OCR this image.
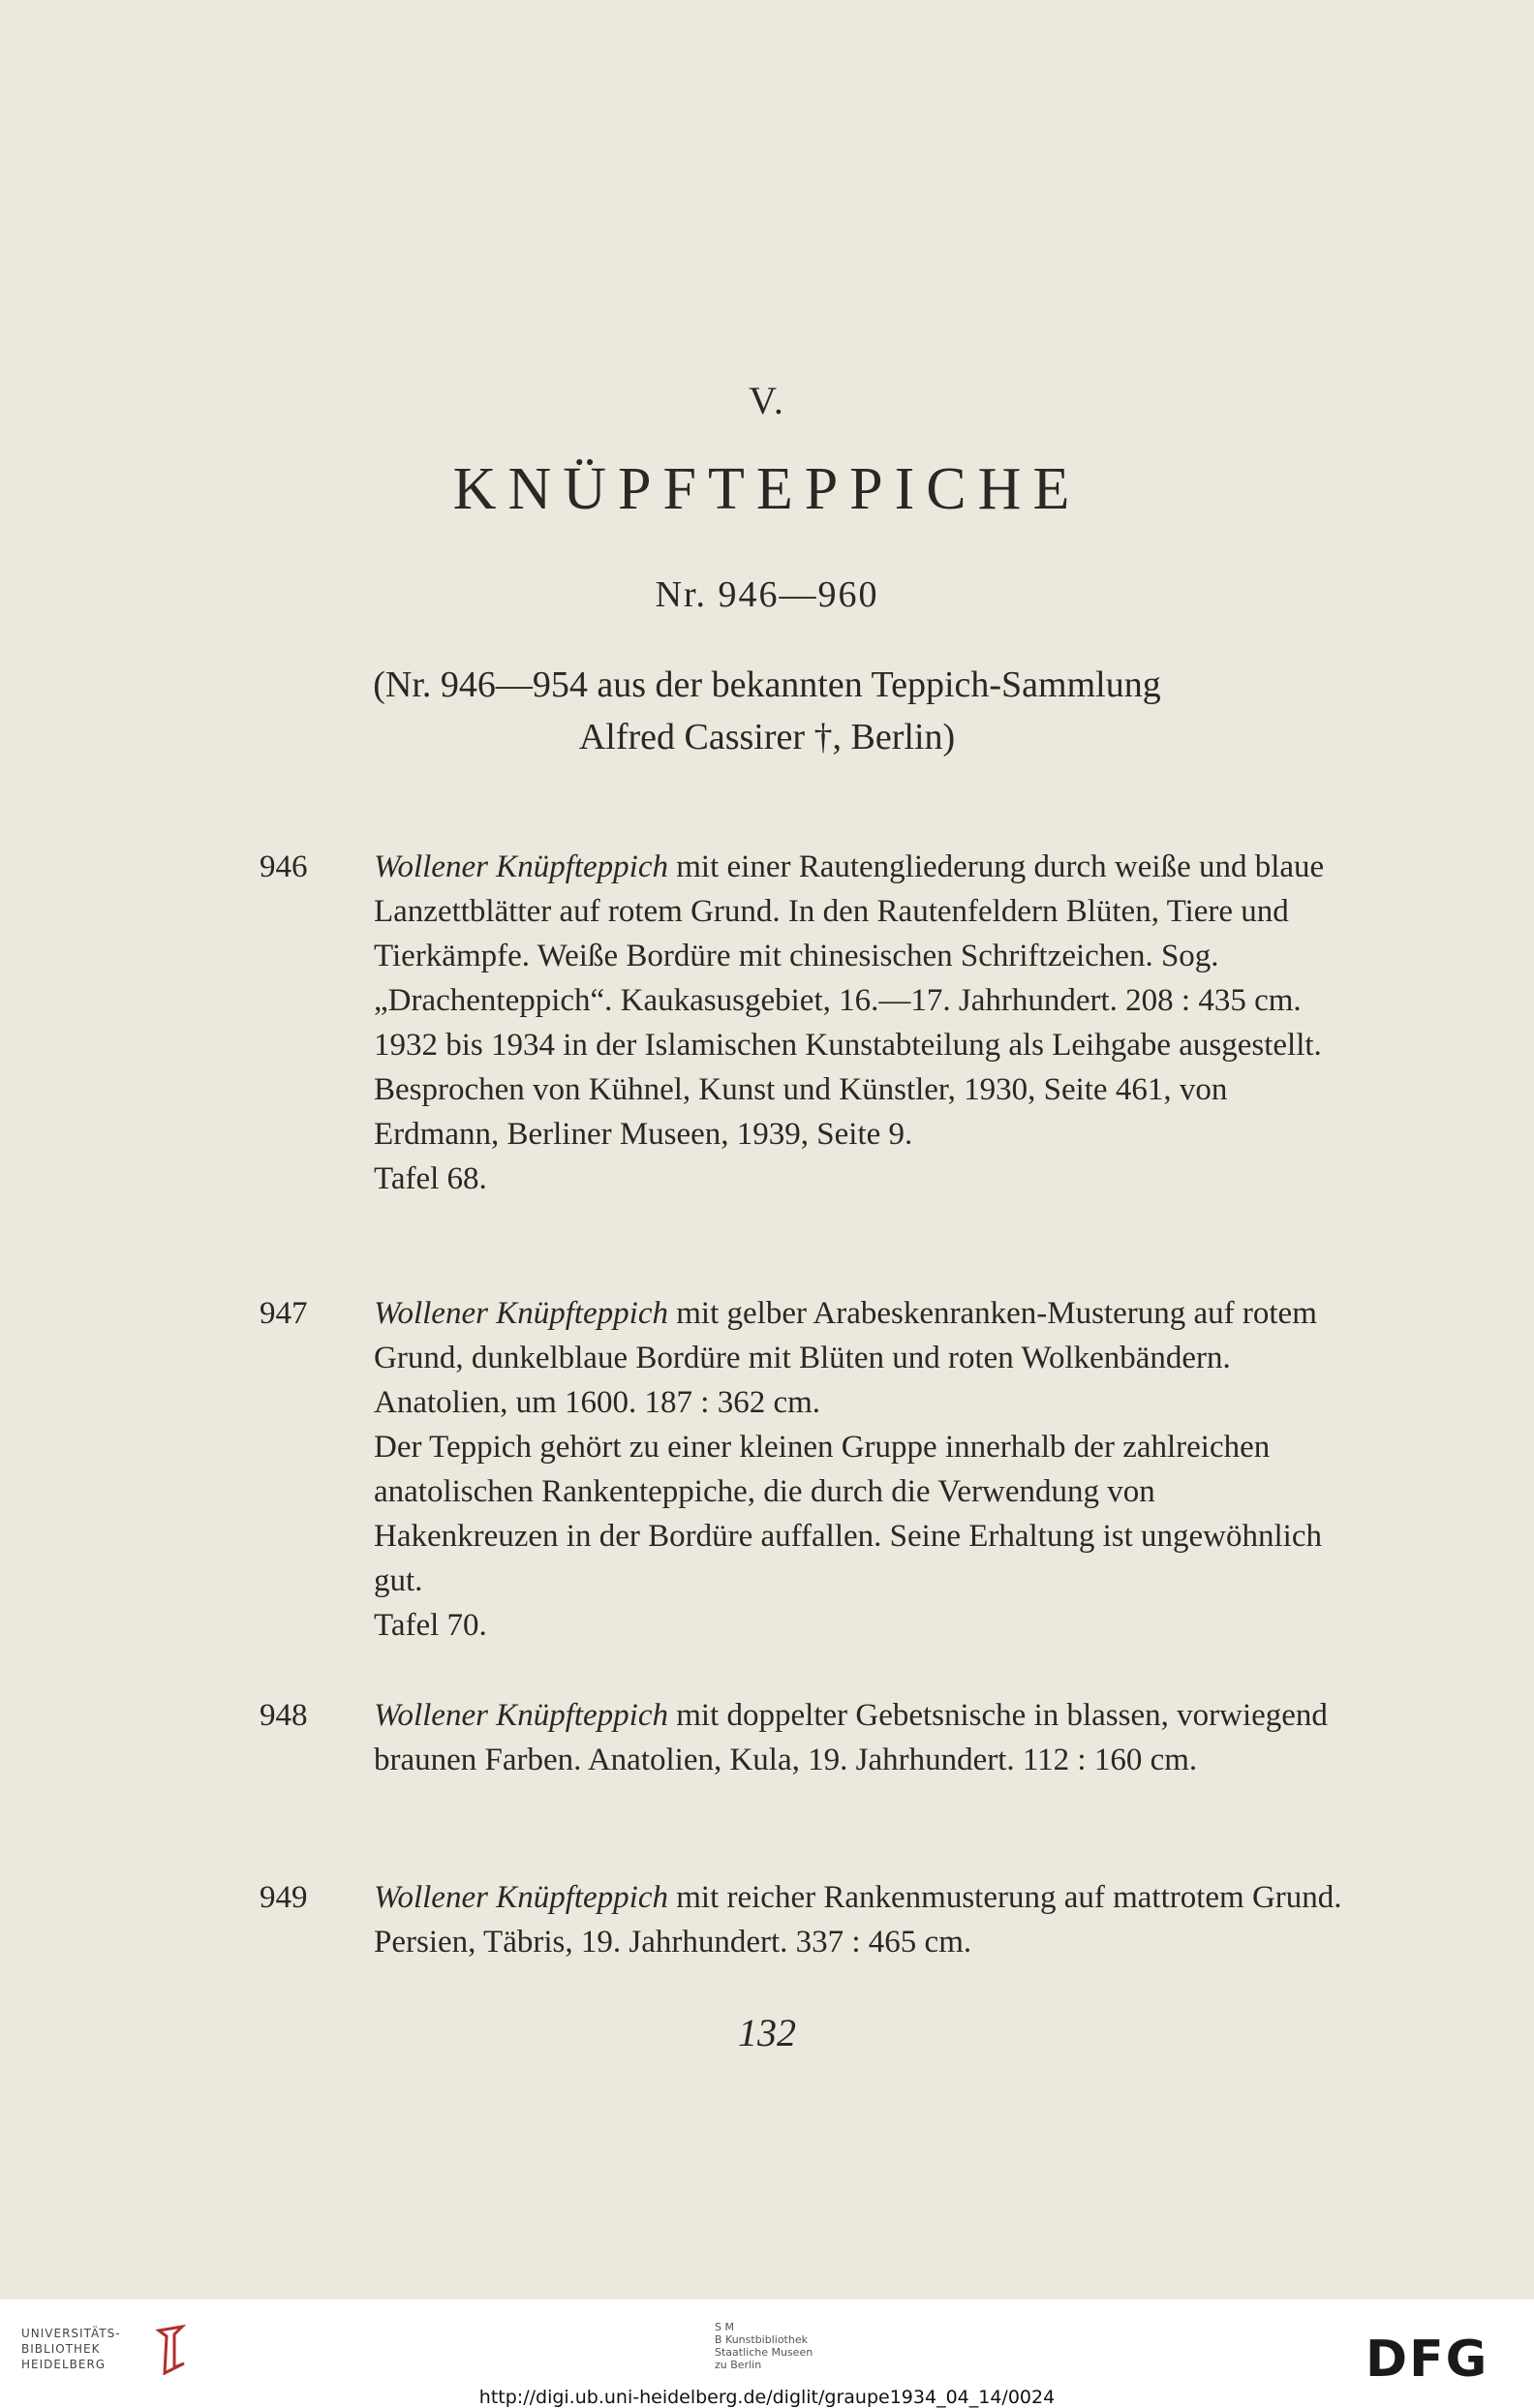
V.
KNÜPFTEPPICHE
Nr. 946—960
(Nr. 946—954 aus der bekannten Teppich-Sammlung
Alfred Cassirer †, Berlin)
946	Wollener Knüpfteppich mit einer Rautengliederung durch weiße und blaue Lanzettblätter auf rotem Grund. In den Rautenfeldern Blüten, Tiere und Tierkämpfe. Weiße Bordüre mit chinesischen Schriftzeichen. Sog. „Drachenteppich“. Kaukasusgebiet, 16.—17. Jahrhundert. 208 : 435 cm.

1932 bis 1934 in der Islamischen Kunstabteilung als Leihgabe ausgestellt. Besprochen von Kühnel, Kunst und Künstler, 1930, Seite 461, von Erdmann, Berliner Museen, 1939, Seite 9.

Tafel 68.

947	Wollener Knüpfteppich mit gelber Arabeskenranken-Musterung auf rotem Grund, dunkelblaue Bordüre mit Blüten und roten Wolkenbändern. Anatolien, um 1600. 187 : 362 cm.

Der Teppich gehört zu einer kleinen Gruppe innerhalb der zahlreichen anatolischen Rankenteppiche, die durch die Verwendung von Hakenkreuzen in der Bordüre auffallen. Seine Erhaltung ist ungewöhnlich gut.

Tafel 70.

948	Wollener Knüpfteppich mit doppelter Gebetsnische in blassen, vorwiegend braunen Farben. Anatolien, Kula, 19. Jahrhundert. 112 : 160 cm.

949	Wollener Knüpfteppich mit reicher Rankenmusterung auf mattrotem Grund. Persien, Täbris, 19. Jahrhundert. 337 : 465 cm.

132
UNIVERSITÄTS-
BIBLIOTHEK
HEIDELBERG
S M
B Kunstbibliothek
Staatliche Museen
zu Berlin	DFG
http://digi.ub.uni-heidelberg.de/diglit/graupe1934_04_14/0024
